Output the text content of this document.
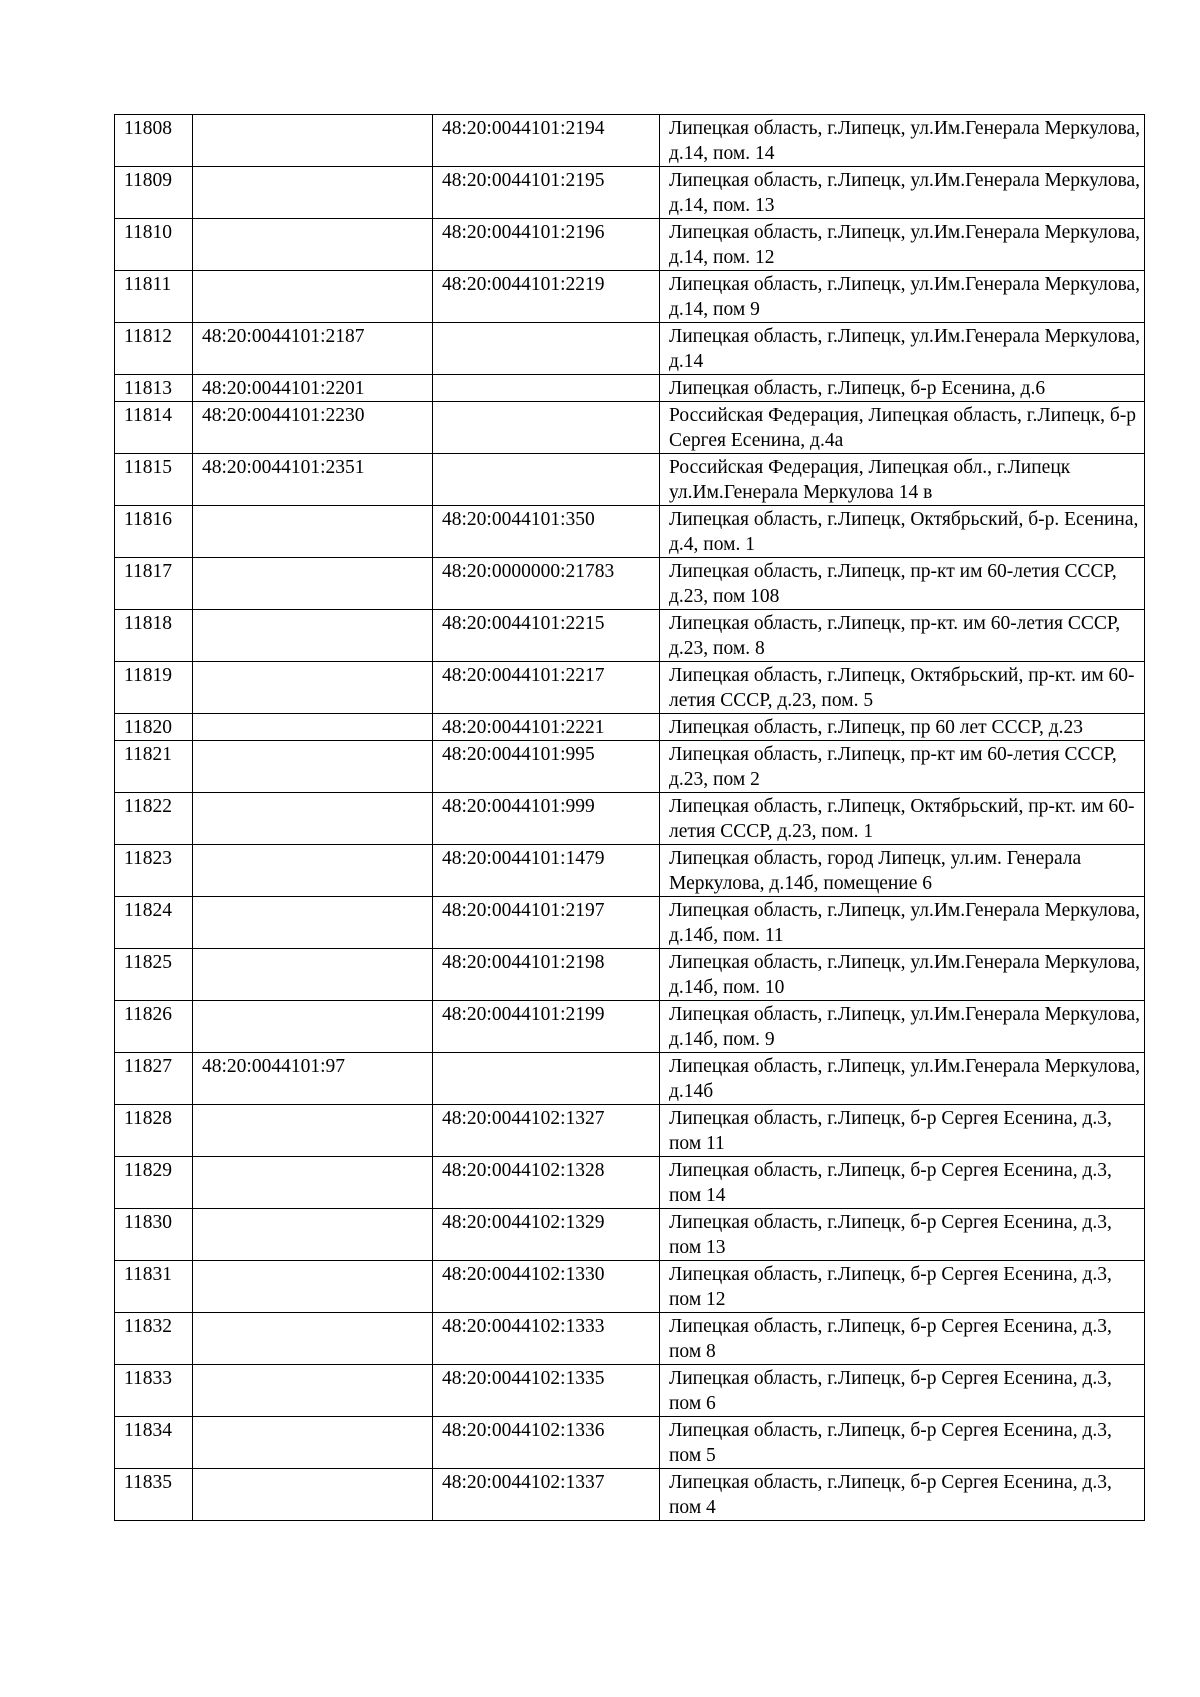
11808		48:20:0044101:2194	Липецкая область, г.Липецк, ул.Им.Генерала Меркулова, д.14, пом. 14
11809		48:20:0044101:2195	Липецкая область, г.Липецк, ул.Им.Генерала Меркулова, д.14, пом. 13
11810		48:20:0044101:2196	Липецкая область, г.Липецк, ул.Им.Генерала Меркулова, д.14, пом. 12
11811		48:20:0044101:2219	Липецкая область, г.Липецк, ул.Им.Генерала Меркулова, д.14, пом 9
11812	48:20:0044101:2187		Липецкая область, г.Липецк, ул.Им.Генерала Меркулова, д.14
11813	48:20:0044101:2201		Липецкая область, г.Липецк, б-р Есенина, д.6
11814	48:20:0044101:2230		Российская Федерация, Липецкая область, г.Липецк, б-р Сергея Есенина, д.4а
11815	48:20:0044101:2351		Российская Федерация, Липецкая обл., г.Липецк ул.Им.Генерала Меркулова 14 в
11816		48:20:0044101:350	Липецкая область, г.Липецк, Октябрьский, б-р. Есенина, д.4, пом. 1
11817		48:20:0000000:21783	Липецкая область, г.Липецк, пр-кт им 60-летия СССР, д.23, пом 108
11818		48:20:0044101:2215	Липецкая область, г.Липецк, пр-кт. им 60-летия СССР, д.23, пом. 8
11819		48:20:0044101:2217	Липецкая область, г.Липецк, Октябрьский, пр-кт. им 60-летия СССР, д.23, пом. 5
11820		48:20:0044101:2221	Липецкая область, г.Липецк, пр 60 лет СССР, д.23
11821		48:20:0044101:995	Липецкая область, г.Липецк, пр-кт им 60-летия СССР, д.23, пом 2
11822		48:20:0044101:999	Липецкая область, г.Липецк, Октябрьский, пр-кт. им 60-летия СССР, д.23, пом. 1
11823		48:20:0044101:1479	Липецкая область, город Липецк, ул.им. Генерала Меркулова, д.14б, помещение 6
11824		48:20:0044101:2197	Липецкая область, г.Липецк, ул.Им.Генерала Меркулова, д.14б, пом. 11
11825		48:20:0044101:2198	Липецкая область, г.Липецк, ул.Им.Генерала Меркулова, д.14б, пом. 10
11826		48:20:0044101:2199	Липецкая область, г.Липецк, ул.Им.Генерала Меркулова, д.14б, пом. 9
11827	48:20:0044101:97		Липецкая область, г.Липецк, ул.Им.Генерала Меркулова, д.14б
11828		48:20:0044102:1327	Липецкая область, г.Липецк, б-р Сергея Есенина, д.3, пом 11
11829		48:20:0044102:1328	Липецкая область, г.Липецк, б-р Сергея Есенина, д.3, пом 14
11830		48:20:0044102:1329	Липецкая область, г.Липецк, б-р Сергея Есенина, д.3, пом 13
11831		48:20:0044102:1330	Липецкая область, г.Липецк, б-р Сергея Есенина, д.3, пом 12
11832		48:20:0044102:1333	Липецкая область, г.Липецк, б-р Сергея Есенина, д.3, пом 8
11833		48:20:0044102:1335	Липецкая область, г.Липецк, б-р Сергея Есенина, д.3, пом 6
11834		48:20:0044102:1336	Липецкая область, г.Липецк, б-р Сергея Есенина, д.3, пом 5
11835		48:20:0044102:1337	Липецкая область, г.Липецк, б-р Сергея Есенина, д.3, пом 4
